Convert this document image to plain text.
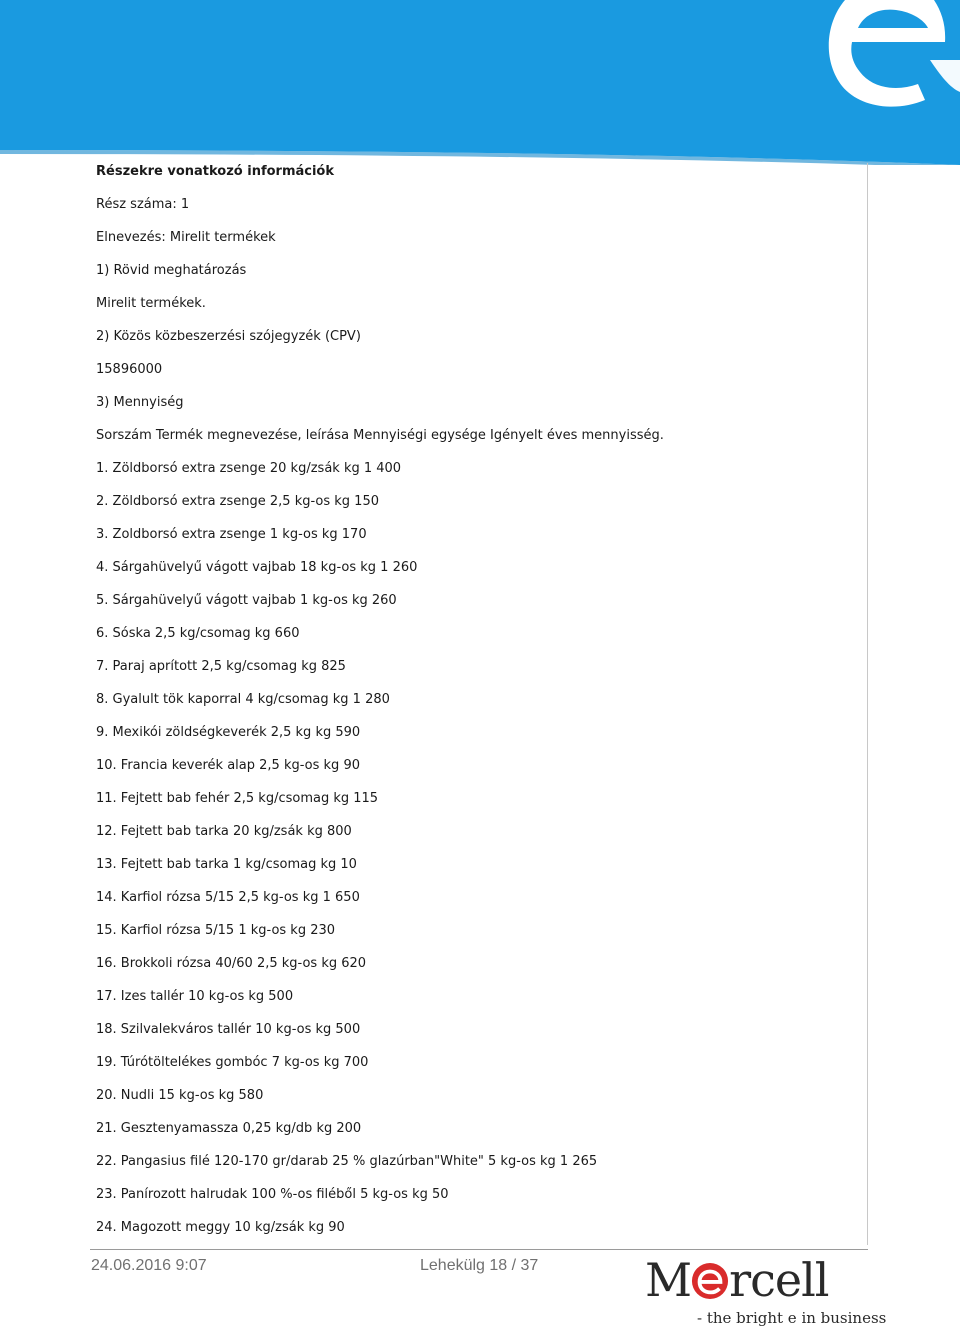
Részekre vonatkozó információk
Rész száma: 1
Elnevezés: Mirelit termékek
1) Rövid meghatározás
Mirelit termékek.
2) Közös közbeszerzési szójegyzék (CPV)
15896000
3) Mennyiség
Sorszám Termék megnevezése, leírása Mennyiségi egysége Igényelt éves mennyisség.
1. Zöldborsó extra zsenge 20 kg/zsák kg 1 400
2. Zöldborsó extra zsenge 2,5 kg-os kg 150
3. Zoldborsó extra zsenge 1 kg-os kg 170
4. Sárgahüvelyű vágott vajbab 18 kg-os kg 1 260
5. Sárgahüvelyű vágott vajbab 1 kg-os kg 260
6. Sóska 2,5 kg/csomag kg 660
7. Paraj aprított 2,5 kg/csomag kg 825
8. Gyalult tök kaporral 4 kg/csomag kg 1 280
9. Mexikói zöldségkeverék 2,5 kg kg 590
10. Francia keverék alap 2,5 kg-os kg 90
11. Fejtett bab fehér 2,5 kg/csomag kg 115
12. Fejtett bab tarka 20 kg/zsák kg 800
13. Fejtett bab tarka 1 kg/csomag kg 10
14. Karfiol rózsa 5/15 2,5 kg-os kg 1 650
15. Karfiol rózsa 5/15 1 kg-os kg 230
16. Brokkoli rózsa 40/60 2,5 kg-os kg 620
17. Izes tallér 10 kg-os kg 500
18. Szilvalekváros tallér 10 kg-os kg 500
19. Túrótöltelékes gombóc 7 kg-os kg 700
20. Nudli 15 kg-os kg 580
21. Gesztenyamassza 0,25 kg/db kg 200
22. Pangasius filé 120-170 gr/darab 25 % glazúrban"White" 5 kg-os kg 1 265
23. Panírozott halrudak 100 %-os filéből 5 kg-os kg 50
24. Magozott meggy 10 kg/zsák kg 90
24.06.2016 9:07	Lehekülg 18 / 37 M rcell
- the bright e in business
